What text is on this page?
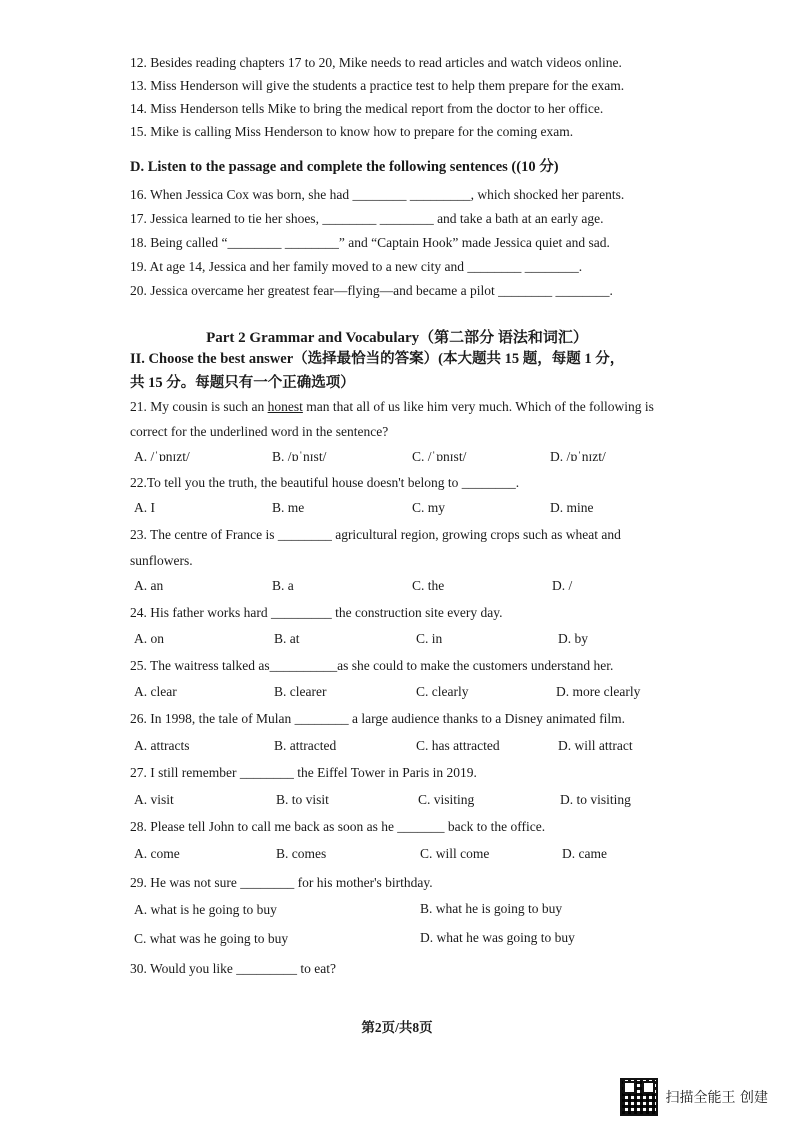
12. Besides reading chapters 17 to 20, Mike needs to read articles and watch videos online.
13. Miss Henderson will give the students a practice test to help them prepare for the exam.
14. Miss Henderson tells Mike to bring the medical report from the doctor to her office.
15. Mike is calling Miss Henderson to know how to prepare for the coming exam.
D. Listen to the passage and complete the following sentences ((10 分)
16. When Jessica Cox was born, she had ________ _________, which shocked her parents.
17. Jessica learned to tie her shoes, ________ ________ and take a bath at an early age.
18. Being called “________ ________” and “Captain Hook” made Jessica quiet and sad.
19. At age 14, Jessica and her family moved to a new city and ________ ________.
20. Jessica overcame her greatest fear—flying—and became a pilot ________ ________.
Part 2 Grammar and Vocabulary（第二部分 语法和词汇）
II. Choose the best answer（选择最恰当的答案）(本大题共 15 题，每题 1 分，
共 15 分。每题只有一个正确选项）
21. My cousin is such an honest man that all of us like him very much. Which of the following is
correct for the underlined word in the sentence?
A. /ˈɒnɪzt/	B. /ɒˈnɪst/	C. /ˈɒnɪst/	D. /ɒˈnɪzt/
22.To tell you the truth, the beautiful house doesn't belong to ________.
A. I	B. me	C. my	D. mine
23. The centre of France is ________ agricultural region, growing crops such as wheat and
sunflowers.
A. an	B. a	C. the	D. /
24. His father works hard _________ the construction site every day.
A. on	B. at	C. in	D. by
25. The waitress talked as__________as she could to make the customers understand her.
A. clear	B. clearer	C. clearly	D. more clearly
26. In 1998, the tale of Mulan ________ a large audience thanks to a Disney animated film.
A. attracts	B. attracted	C. has attracted	D. will attract
27. I still remember ________ the Eiffel Tower in Paris in 2019.
A. visit	B. to visit	C. visiting	D. to visiting
28. Please tell John to call me back as soon as he _______ back to the office.
A. come	B. comes	C. will come	D. came
29. He was not sure ________ for his mother's birthday.
A. what is he going to buy	B. what he is going to buy
C. what was he going to buy	D. what he was going to buy
30. Would you like _________ to eat?
第2页/共8页
扫描全能王 创建
